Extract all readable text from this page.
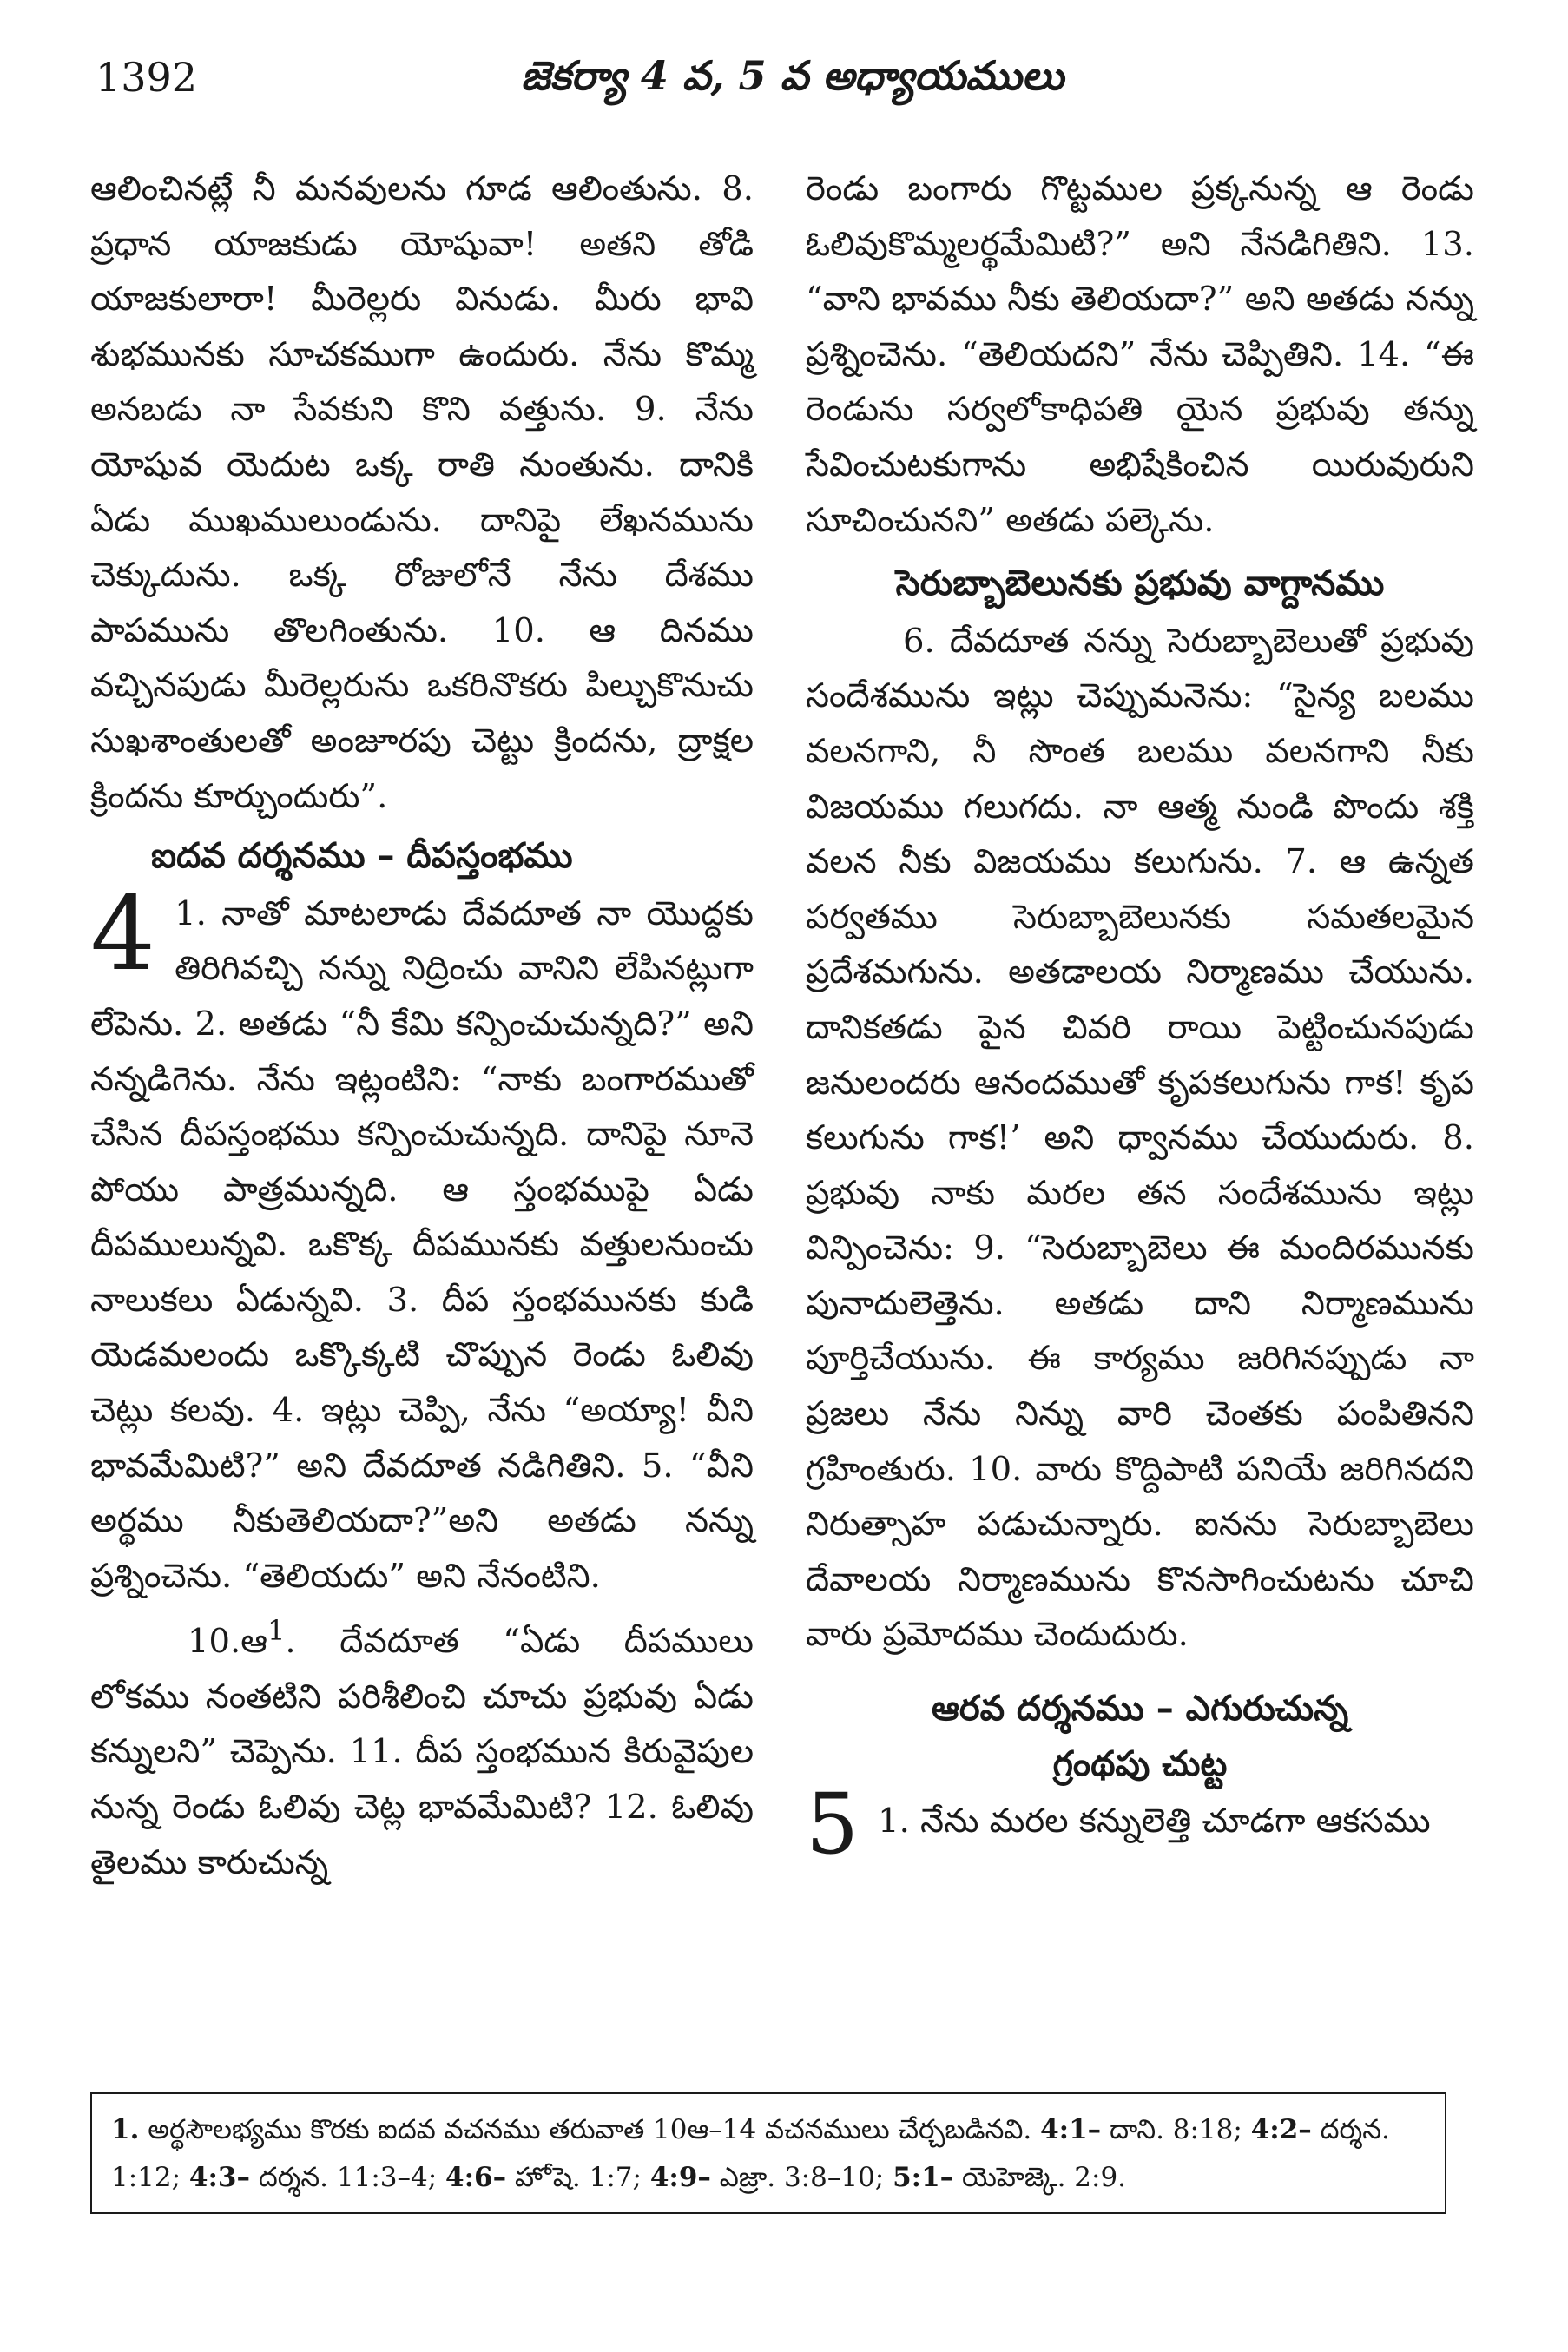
1392	జెకర్యా 4 వ, 5 వ అధ్యాయములు

ఆలించినట్లే నీ మనవులను గూడ ఆలింతును. 8. ప్రధాన యాజకుడు యోషువా! అతని తోడి యాజకులారా! మీరెల్లరు వినుడు. మీరు భావి శుభమునకు సూచకముగా ఉందురు. నేను కొమ్మ అనబడు నా సేవకుని కొని వత్తును. 9. నేను యోషువ యెదుట ఒక్క రాతి నుంతును. దానికి ఏడు ముఖములుండును. దానిపై లేఖనమును చెక్కుదును. ఒక్క రోజులోనే నేను దేశము పాపమును తొలగింతును. 10. ఆ దినము వచ్చినపుడు మీరెల్లరును ఒకరినొకరు పిల్చుకొనుచు సుఖశాంతులతో అంజూరపు చెట్టు క్రిందను, ద్రాక్షల క్రిందను కూర్చుందురు”.

ఐదవ దర్శనము – దీపస్తంభము
4 1. నాతో మాటలాడు దేవదూత నా యొద్దకు తిరిగివచ్చి నన్ను నిద్రించు వానిని లేపినట్లుగా లేపెను. 2. అతడు “నీ కేమి కన్పించుచున్నది?” అని నన్నడిగెను. నేను ఇట్లంటిని: “నాకు బంగారముతో చేసిన దీపస్తంభము కన్పించుచున్నది. దానిపై నూనె పోయు పాత్రమున్నది. ఆ స్తంభముపై ఏడు దీపములున్నవి. ఒకొక్క దీపమునకు వత్తులనుంచు నాలుకలు ఏడున్నవి. 3. దీప స్తంభమునకు కుడి యెడమలందు ఒక్కొక్కటి చొప్పున రెండు ఓలివు చెట్లు కలవు. 4. ఇట్లు చెప్పి, నేను “అయ్యా! వీని భావమేమిటి?” అని దేవదూత నడిగితిని. 5. “వీని అర్థము నీకుతెలియదా?”అని అతడు నన్ను ప్రశ్నించెను. “తెలియదు” అని నేనంటిని.

10.ఆ$^1$. దేవదూత “ఏడు దీపములు లోకము నంతటిని పరిశీలించి చూచు ప్రభువు ఏడు కన్నులని” చెప్పెను. 11. దీప స్తంభమున కిరువైపుల నున్న రెండు ఓలివు చెట్ల భావమేమిటి? 12. ఓలివు తైలము కారుచున్న

రెండు బంగారు గొట్టముల ప్రక్కనున్న ఆ రెండు ఓలివుకొమ్మలర్థమేమిటి?” అని నేనడిగితిని. 13. “వాని భావము నీకు తెలియదా?” అని అతడు నన్ను ప్రశ్నించెను. “తెలియదని” నేను చెప్పితిని. 14. “ఈ రెండును సర్వలోకాధిపతి యైన ప్రభువు తన్ను సేవించుటకుగాను అభిషేకించిన యిరువురుని సూచించునని” అతడు పల్కెను.

సెరుబ్బాబెలునకు ప్రభువు వాగ్దానము

6. దేవదూత నన్ను సెరుబ్బాబెలుతో ప్రభువు సందేశమును ఇట్లు చెప్పుమనెను: “సైన్య బలము వలనగాని, నీ సొంత బలము వలనగాని నీకు విజయము గలుగదు. నా ఆత్మ నుండి పొందు శక్తి వలన నీకు విజయము కలుగును. 7. ఆ ఉన్నత పర్వతము సెరుబ్బాబెలునకు సమతలమైన ప్రదేశమగును. అతడాలయ నిర్మాణము చేయును. దానికతడు పైన చివరి రాయి పెట్టించునపుడు జనులందరు ఆనందముతో కృపకలుగును గాక! కృప కలుగును గాక!’ అని ధ్వానము చేయుదురు. 8. ప్రభువు నాకు మరల తన సందేశమును ఇట్లు విన్పించెను: 9. “సెరుబ్బాబెలు ఈ మందిరమునకు పునాదులెత్తెను. అతడు దాని నిర్మాణమును పూర్తిచేయును. ఈ కార్యము జరిగినప్పుడు నా ప్రజలు నేను నిన్ను వారి చెంతకు పంపితినని గ్రహింతురు. 10. వారు కొద్దిపాటి పనియే జరిగినదని నిరుత్సాహ పడుచున్నారు. ఐనను సెరుబ్బాబెలు దేవాలయ నిర్మాణమును కొనసాగించుటను చూచి వారు ప్రమోదము చెందుదురు.

ఆరవ దర్శనము – ఎగురుచున్న
గ్రంథపు చుట్ట
5 1. నేను మరల కన్నులెత్తి చూడగా ఆకసము

1. అర్థసౌలభ్యము కొరకు ఐదవ వచనము తరువాత 10ఆ–14 వచనములు చేర్చబడినవి. 4:1– దాని. 8:18; 4:2– దర్శన. 1:12; 4:3– దర్శన. 11:3–4; 4:6– హోషె. 1:7; 4:9– ఎజ్రా. 3:8–10; 5:1– యెహెజ్కె. 2:9.
